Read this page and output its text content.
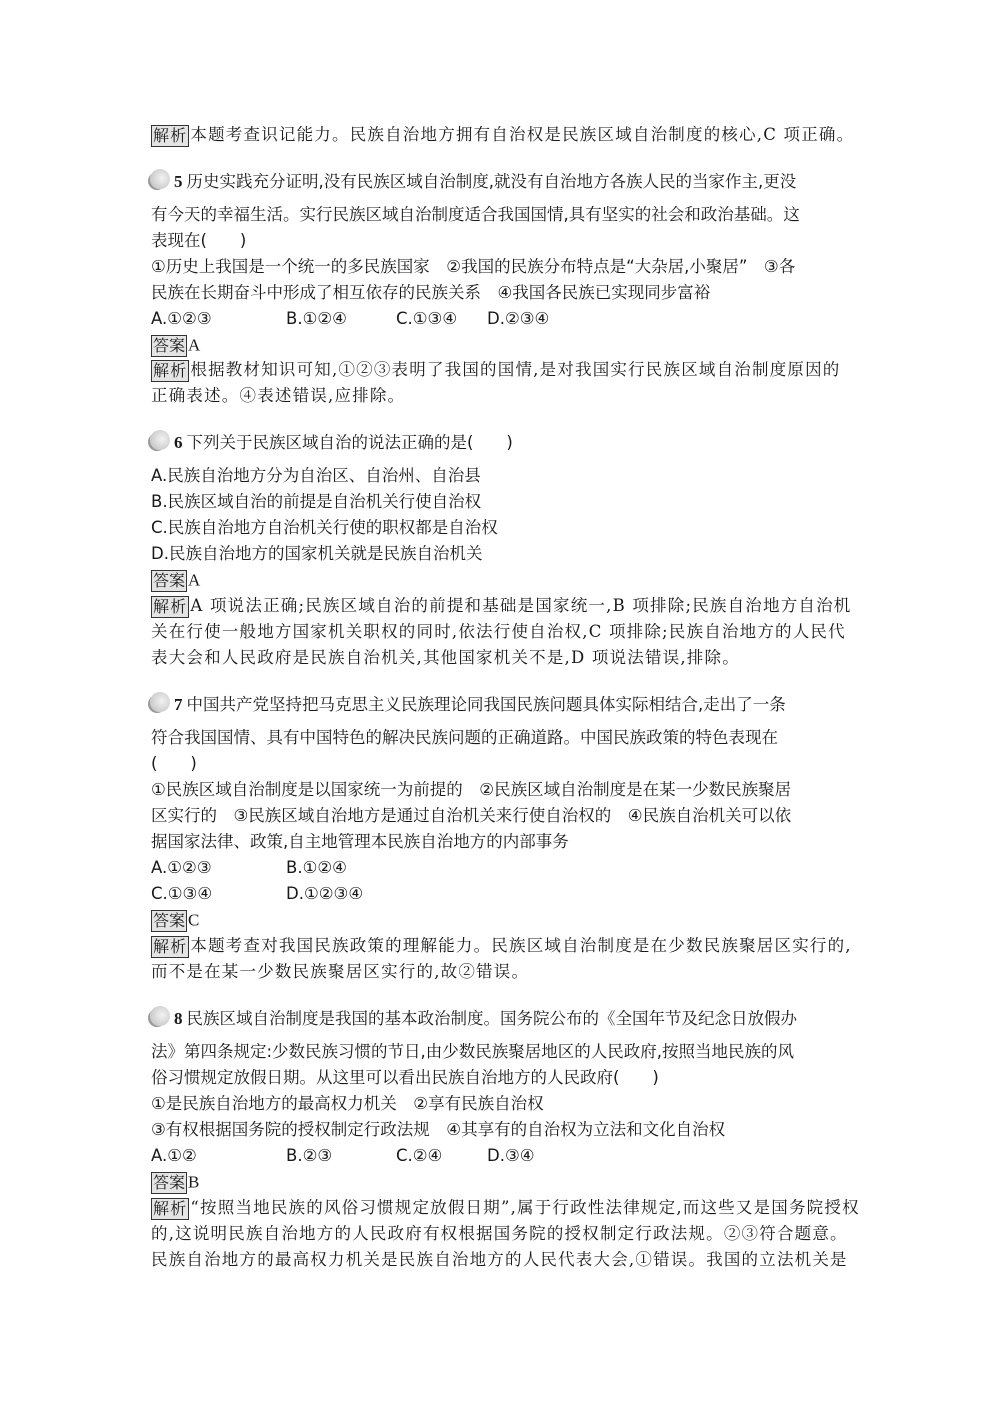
解析 本题考查识记能力。民族自治地方拥有自治权是民族区域自治制度的核心,C 项正确。
5 历史实践充分证明,没有民族区域自治制度,就没有自治地方各族人民的当家作主,更没
有今天的幸福生活。实行民族区域自治制度适合我国国情,具有坚实的社会和政治基础。这
表现在(　　)
①历史上我国是一个统一的多民族国家　②我国的民族分布特点是“大杂居,小聚居”　③各
民族在长期奋斗中形成了相互依存的民族关系　④我国各民族已实现同步富裕
A.①②③	B.①②④	C.①③④ D.②③④
答案 A
解析 根据教材知识可知,①②③表明了我国的国情,是对我国实行民族区域自治制度原因的
正确表述。④表述错误,应排除。
6 下列关于民族区域自治的说法正确的是(　　)
A.民族自治地方分为自治区、自治州、自治县
B.民族区域自治的前提是自治机关行使自治权
C.民族自治地方自治机关行使的职权都是自治权
D.民族自治地方的国家机关就是民族自治机关
答案 A
解析 A 项说法正确;民族区域自治的前提和基础是国家统一,B 项排除;民族自治地方自治机
关在行使一般地方国家机关职权的同时,依法行使自治权,C 项排除;民族自治地方的人民代
表大会和人民政府是民族自治机关,其他国家机关不是,D 项说法错误,排除。
7 中国共产党坚持把马克思主义民族理论同我国民族问题具体实际相结合,走出了一条
符合我国国情、具有中国特色的解决民族问题的正确道路。中国民族政策的特色表现在
(　　)
①民族区域自治制度是以国家统一为前提的　②民族区域自治制度是在某一少数民族聚居
区实行的　③民族区域自治地方是通过自治机关来行使自治权的　④民族自治机关可以依
据国家法律、政策,自主地管理本民族自治地方的内部事务
A.①②③	B.①②④
C.①③④	D.①②③④
答案 C
解析 本题考查对我国民族政策的理解能力。民族区域自治制度是在少数民族聚居区实行的,
而不是在某一少数民族聚居区实行的,故②错误。
8 民族区域自治制度是我国的基本政治制度。国务院公布的《全国年节及纪念日放假办
法》第四条规定:少数民族习惯的节日,由少数民族聚居地区的人民政府,按照当地民族的风
俗习惯规定放假日期。从这里可以看出民族自治地方的人民政府(　　)
①是民族自治地方的最高权力机关　②享有民族自治权
③有权根据国务院的授权制定行政法规　④其享有的自治权为立法和文化自治权
A.①②	B.②③	C.②④	D.③④
答案 B
解析 “按照当地民族的风俗习惯规定放假日期”,属于行政性法律规定,而这些又是国务院授权
的,这说明民族自治地方的人民政府有权根据国务院的授权制定行政法规。②③符合题意。
民族自治地方的最高权力机关是民族自治地方的人民代表大会,①错误。我国的立法机关是
